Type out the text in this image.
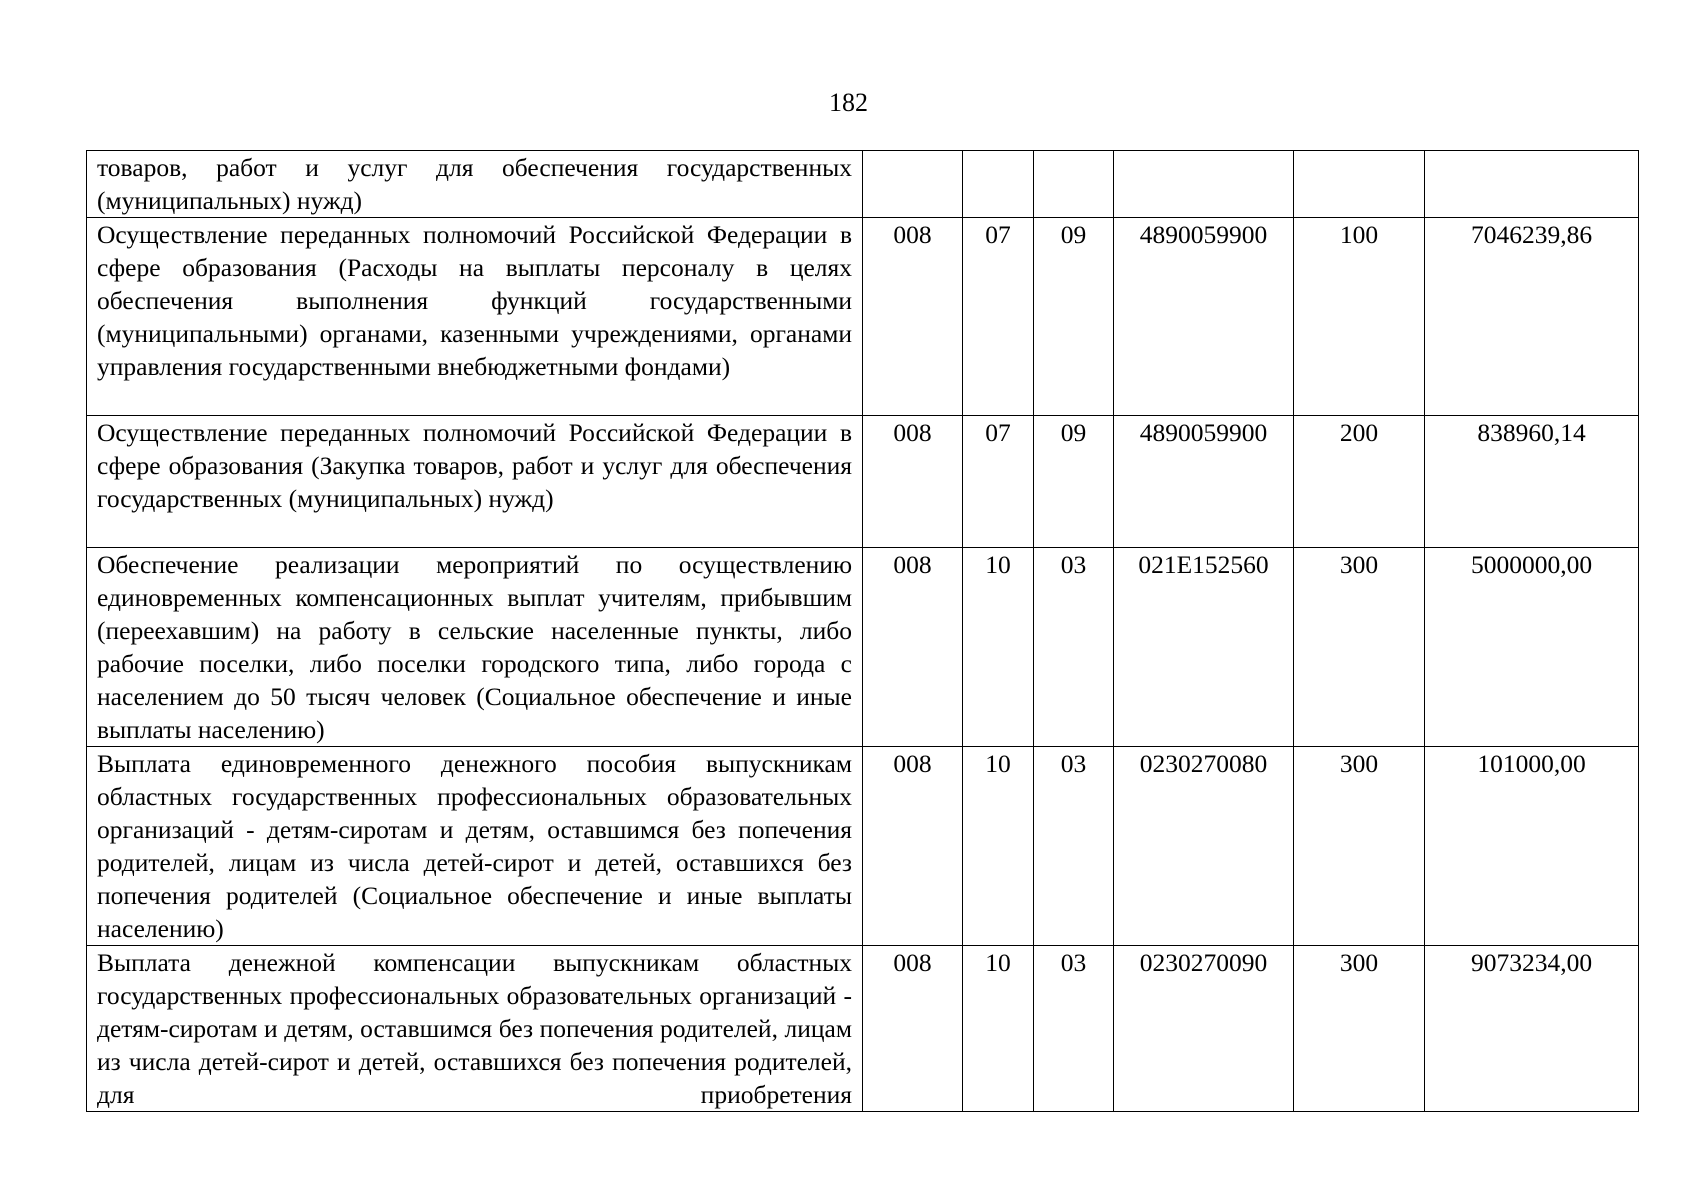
182
товаров, работ и услуг для обеспечения государственных (муниципальных) нужд)						
Осуществление переданных полномочий Российской Федерации в сфере образования (Расходы на выплаты персоналу в целях обеспечения выполнения функций государственными (муниципальными) органами, казенными учреждениями, органами управления государственными внебюджетными фондами)	008	07	09	4890059900	100	7046239,86
Осуществление переданных полномочий Российской Федерации в сфере образования (Закупка товаров, работ и услуг для обеспечения государственных (муниципальных) нужд)	008	07	09	4890059900	200	838960,14
Обеспечение реализации мероприятий по осуществлению единовременных компенсационных выплат учителям, прибывшим (переехавшим) на работу в сельские населенные пункты, либо рабочие поселки, либо поселки городского типа, либо города с населением до 50 тысяч человек (Социальное обеспечение и иные выплаты населению)	008	10	03	021E152560	300	5000000,00
Выплата единовременного денежного пособия выпускникам областных государственных профессиональных образовательных организаций - детям-сиротам и детям, оставшимся без попечения родителей, лицам из числа детей-сирот и детей, оставшихся без попечения родителей (Социальное обеспечение и иные выплаты населению)	008	10	03	0230270080	300	101000,00
Выплата денежной компенсации выпускникам областных государственных профессиональных образовательных организаций - детям-сиротам и детям, оставшимся без попечения родителей, лицам из числа детей-сирот и детей, оставшихся без попечения родителей, для приобретения	008	10	03	0230270090	300	9073234,00
